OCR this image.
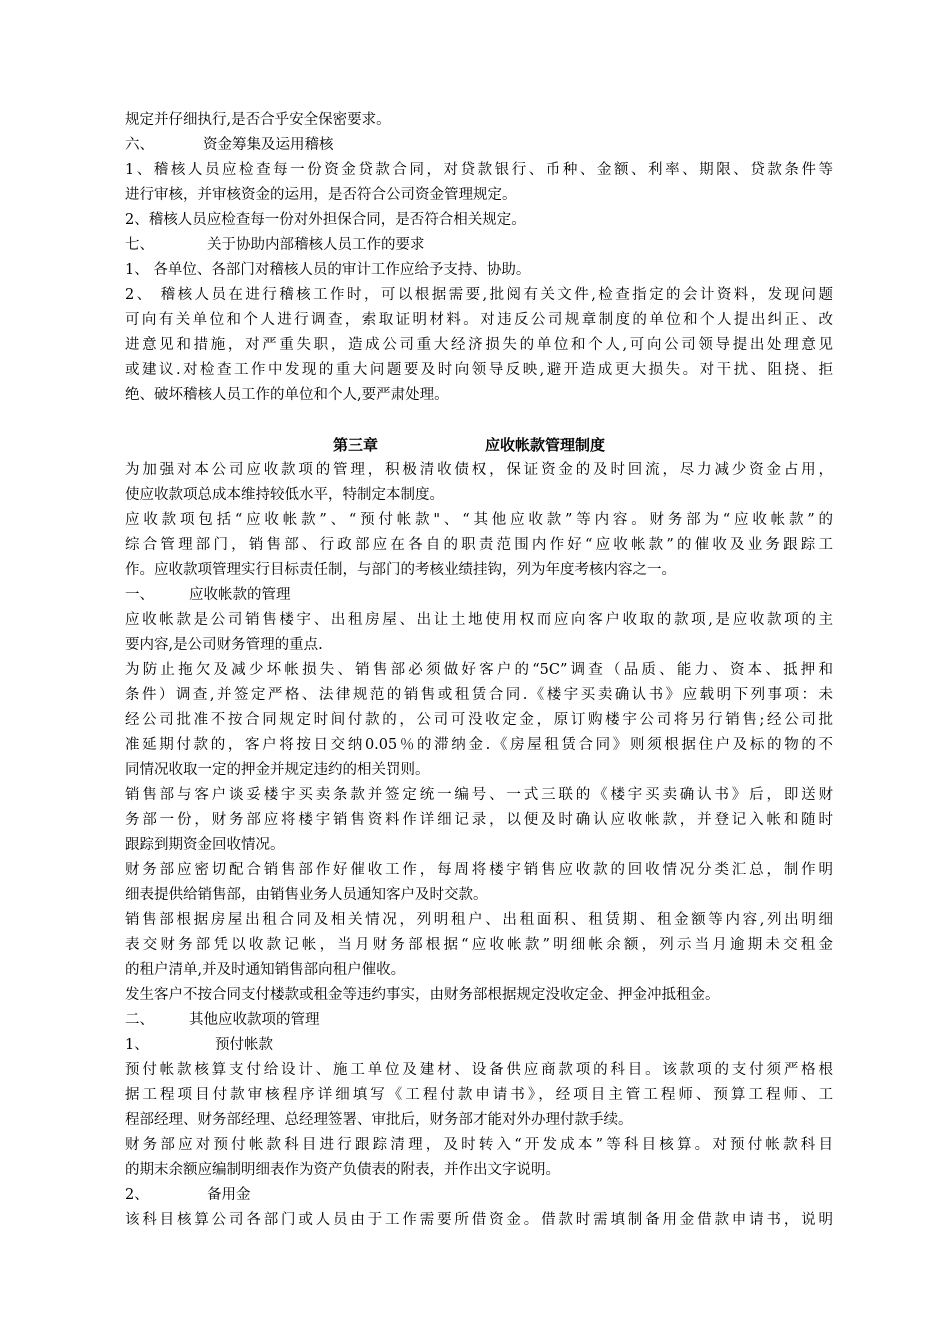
规定并仔细执行,是否合乎安全保密要求。
六、	资金筹集及运用稽核
1、稽核人员应检查每一份资金贷款合同，对贷款银行、币种、金额、利率、期限、贷款条件等
进行审核，并审核资金的运用，是否符合公司资金管理规定。
2、稽核人员应检查每一份对外担保合同，是否符合相关规定。
七、	关于协助内部稽核人员工作的要求
1、 各单位、各部门对稽核人员的审计工作应给予支持、协助。
2、 稽核人员在进行稽核工作时，可以根据需要,批阅有关文件,检查指定的会计资料，发现问题
可向有关单位和个人进行调查，索取证明材料。对违反公司规章制度的单位和个人提出纠正、改
进意见和措施，对严重失职，造成公司重大经济损失的单位和个人,可向公司领导提出处理意见
或建议.对检查工作中发现的重大问题要及时向领导反映,避开造成更大损失。对干扰、阻挠、拒
绝、破坏稽核人员工作的单位和个人,要严肃处理。
第三章	应收帐款管理制度
为加强对本公司应收款项的管理，积极清收债权，保证资金的及时回流，尽力减少资金占用，
使应收款项总成本维持较低水平，特制定本制度。
应收款项包括“应收帐款”、“预付帐款"、“其他应收款”等内容。财务部为“应收帐款”的
综合管理部门，销售部、行政部应在各自的职责范围内作好“应收帐款”的催收及业务跟踪工
作。应收款项管理实行目标责任制，与部门的考核业绩挂钩，列为年度考核内容之一。
一、 应收帐款的管理
应收帐款是公司销售楼宇、出租房屋、出让土地使用权而应向客户收取的款项,是应收款项的主
要内容,是公司财务管理的重点.
为防止拖欠及减少坏帐损失、销售部必须做好客户的“5C”调查（品质、能力、资本、抵押和
条件）调查,并签定严格、法律规范的销售或租赁合同.《楼宇买卖确认书》应载明下列事项：未
经公司批准不按合同规定时间付款的，公司可没收定金，原订购楼宇公司将另行销售;经公司批
准延期付款的，客户将按日交纳0.05％的滞纳金.《房屋租赁合同》则须根据住户及标的物的不
同情况收取一定的押金并规定违约的相关罚则。
销售部与客户谈妥楼宇买卖条款并签定统一编号、一式三联的《楼宇买卖确认书》后，即送财
务部一份，财务部应将楼宇销售资料作详细记录，以便及时确认应收帐款，并登记入帐和随时
跟踪到期资金回收情况。
财务部应密切配合销售部作好催收工作，每周将楼宇销售应收款的回收情况分类汇总，制作明
细表提供给销售部，由销售业务人员通知客户及时交款。
销售部根据房屋出租合同及相关情况，列明租户、出租面积、租赁期、租金额等内容,列出明细
表交财务部凭以收款记帐，当月财务部根据“应收帐款”明细帐余额，列示当月逾期未交租金
的租户清单,并及时通知销售部向租户催收。
发生客户不按合同支付楼款或租金等违约事实，由财务部根据规定没收定金、押金冲抵租金。
二、 其他应收款项的管理
1、	预付帐款
预付帐款核算支付给设计、施工单位及建材、设备供应商款项的科目。该款项的支付须严格根
据工程项目付款审核程序详细填写《工程付款申请书》，经项目主管工程师、预算工程师、工
程部经理、财务部经理、总经理签署、审批后，财务部才能对外办理付款手续。
财务部应对预付帐款科目进行跟踪清理，及时转入“开发成本”等科目核算。对预付帐款科目
的期末余额应编制明细表作为资产负债表的附表，并作出文字说明。
2、	备用金
该科目核算公司各部门或人员由于工作需要所借资金。借款时需填制备用金借款申请书，说明
